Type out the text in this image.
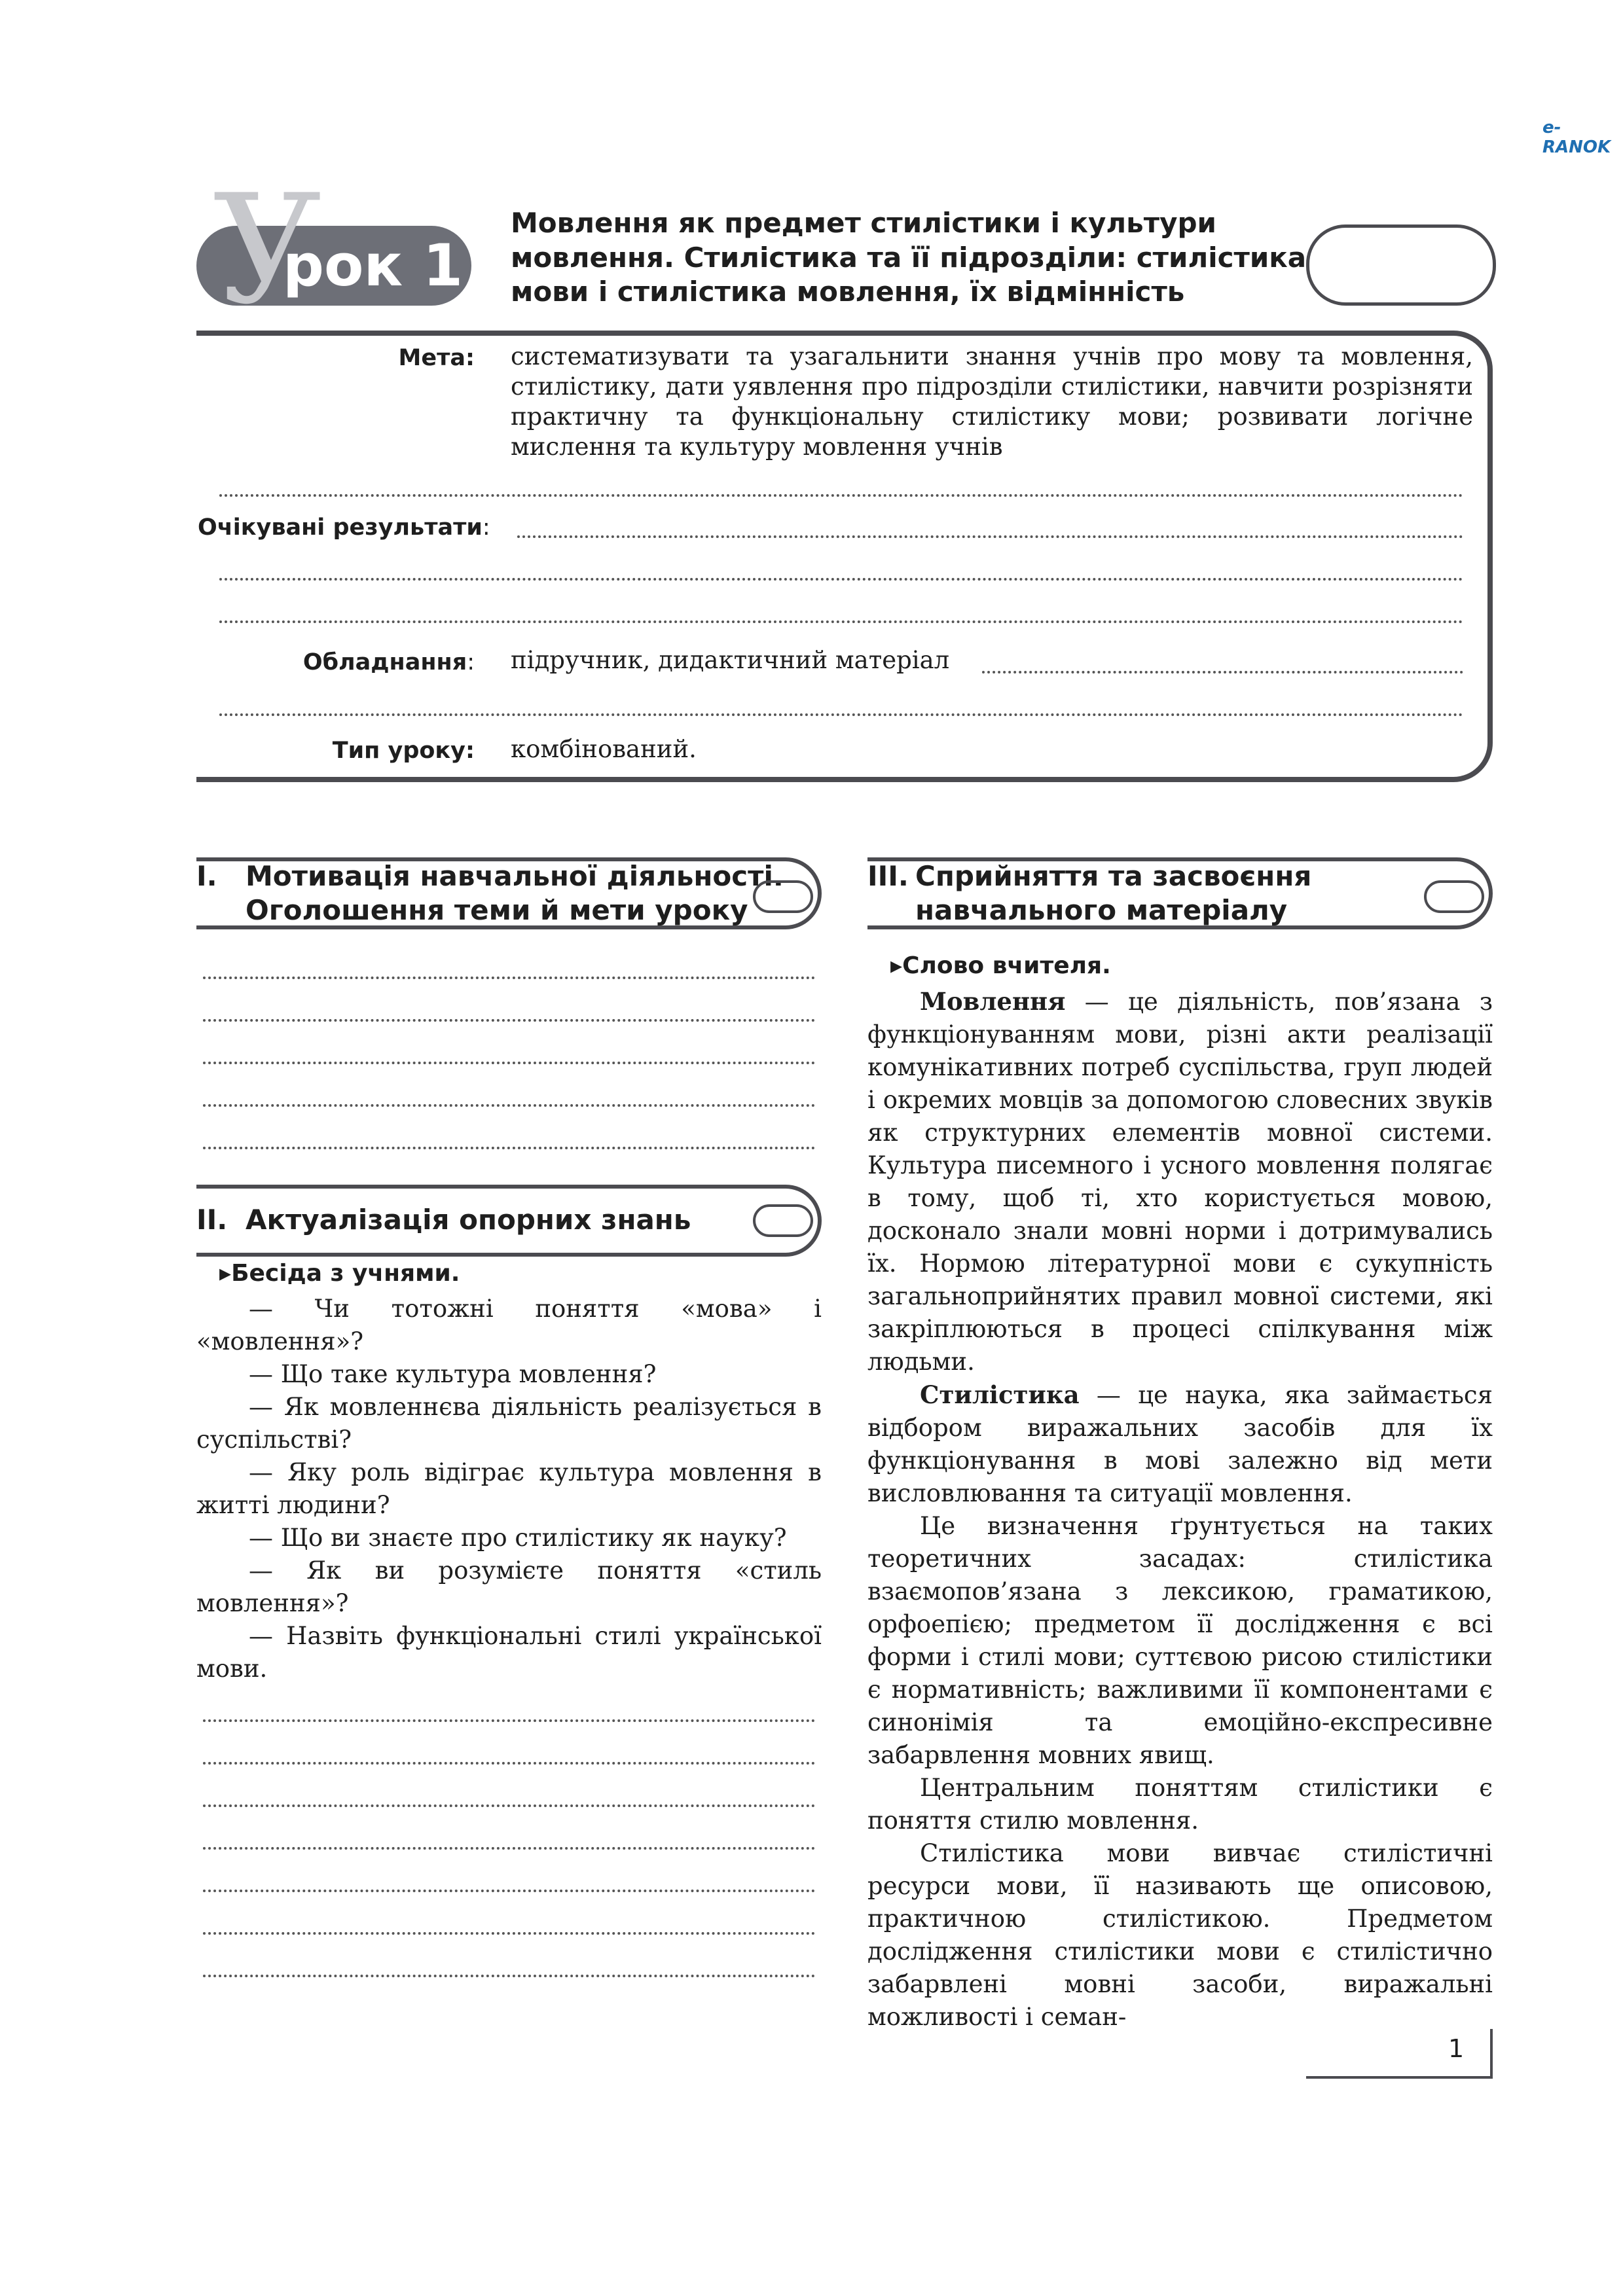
e-RANOK
У
рок 1
Мовлення як предмет стилістики і культури мовлення. Стилістика та її підрозділи: стилістика мови і стилістика мовлення, їх відмінність
Мета: систематизувати та узагальнити знання учнів про мову та мовлення, стилістику, дати уявлення про підрозділи стилістики, навчити розрізняти практичну та функціональну стилістику мови; розвивати логічне мислення та культуру мовлення учнів
Очікувані результати:
Обладнання: підручник, дидактичний матеріал
Тип уроку: комбінований.
I. Мотивація навчальної діяльності.
Оголошення теми й мети уроку
II. Актуалізація опорних знань
▸ Бесіда з учнями.

— Чи тотожні поняття «мова» і «мовлення»?

— Що таке культура мовлення?

— Як мовленнєва діяльність реалізується в суспільстві?

— Яку роль відіграє культура мовлення в житті людини?

— Що ви знаєте про стилістику як науку?

— Як ви розумієте поняття «стиль мовлення»?

— Назвіть функціональні стилі української мови.

III. Сприйняття та засвоєння
навчального матеріалу
▸ Слово вчителя.

Мовлення — це діяльність, пов’язана з функціонуванням мови, різні акти реалізації комунікативних потреб суспільства, груп людей і окремих мовців за допомогою словесних звуків як структурних елементів мовної системи. Культура писемного і усного мовлення полягає в тому, щоб ті, хто користується мовою, досконало знали мовні норми і дотримувались їх. Нормою літературної мови є сукупність загальноприйнятих правил мовної системи, які закріплюються в процесі спілкування між людьми.

Стилістика — це наука, яка займається відбором виражальних засобів для їх функціонування в мові залежно від мети висловлювання та ситуації мовлення.

Це визначення ґрунтується на таких теоретичних засадах: стилістика взаємопов’язана з лексикою, граматикою, орфоепією; предметом її дослідження є всі форми і стилі мови; суттєвою рисою стилістики є нормативність; важливими її компонентами є синонімія та емоційно-експресивне забарвлення мовних явищ.

Центральним поняттям стилістики є поняття стилю мовлення.

Стилістика мови вивчає стилістичні ресурси мови, її називають ще описовою, практичною стилістикою. Предметом дослідження стилістики мови є стилістично забарвлені мовні засоби, виражальні можливості і семан-

1
